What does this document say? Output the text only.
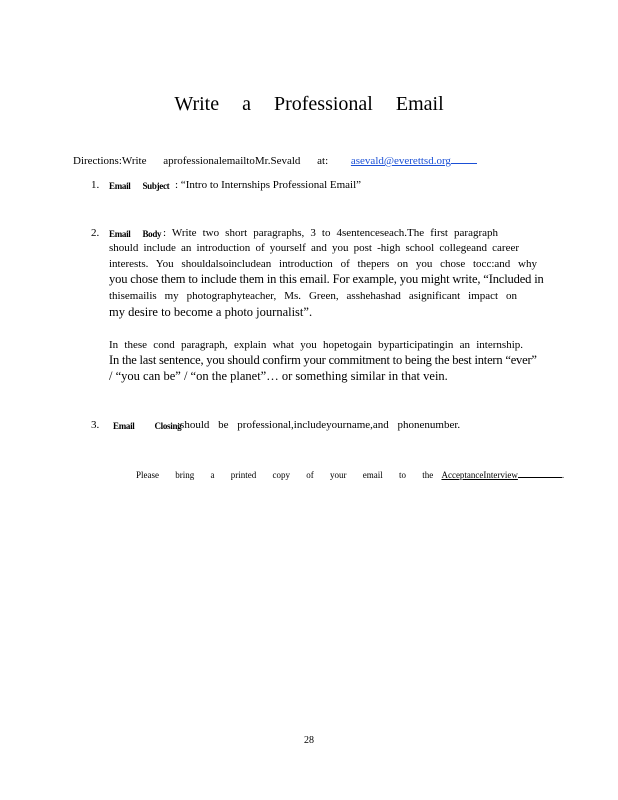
Write a Professional Email
Directions:Write aprofessionalemailtoMr.Sevald at: asevald@everettsd.org
1. Email Subject : “Intro to Internships Professional Email”
2. Email Body : Write two short paragraphs, 3 to 4sentenceseach.The first paragraph
should include an introduction of yourself and you post -high school collegeand career
interests. You shouldalsoincludean introduction of thepers on you chose tocc:and why
you chose them to include them in this email. For example, you might write, “Included in
thisemailis my photographyteacher, Ms. Green, asshehashad asignificant impact on
my desire to become a photo journalist”.
In these cond paragraph, explain what you hopetogain byparticipatingin an internship.
In the last sentence, you should confirm your commitment to being the best intern “ever”
/ “you can be” / “on the planet”… or something similar in that vein.
3. Email Closing
:should be professional,includeyourname,and phonenumber.
Please bring a printed copy of your email to the AcceptanceInterview	.
28
